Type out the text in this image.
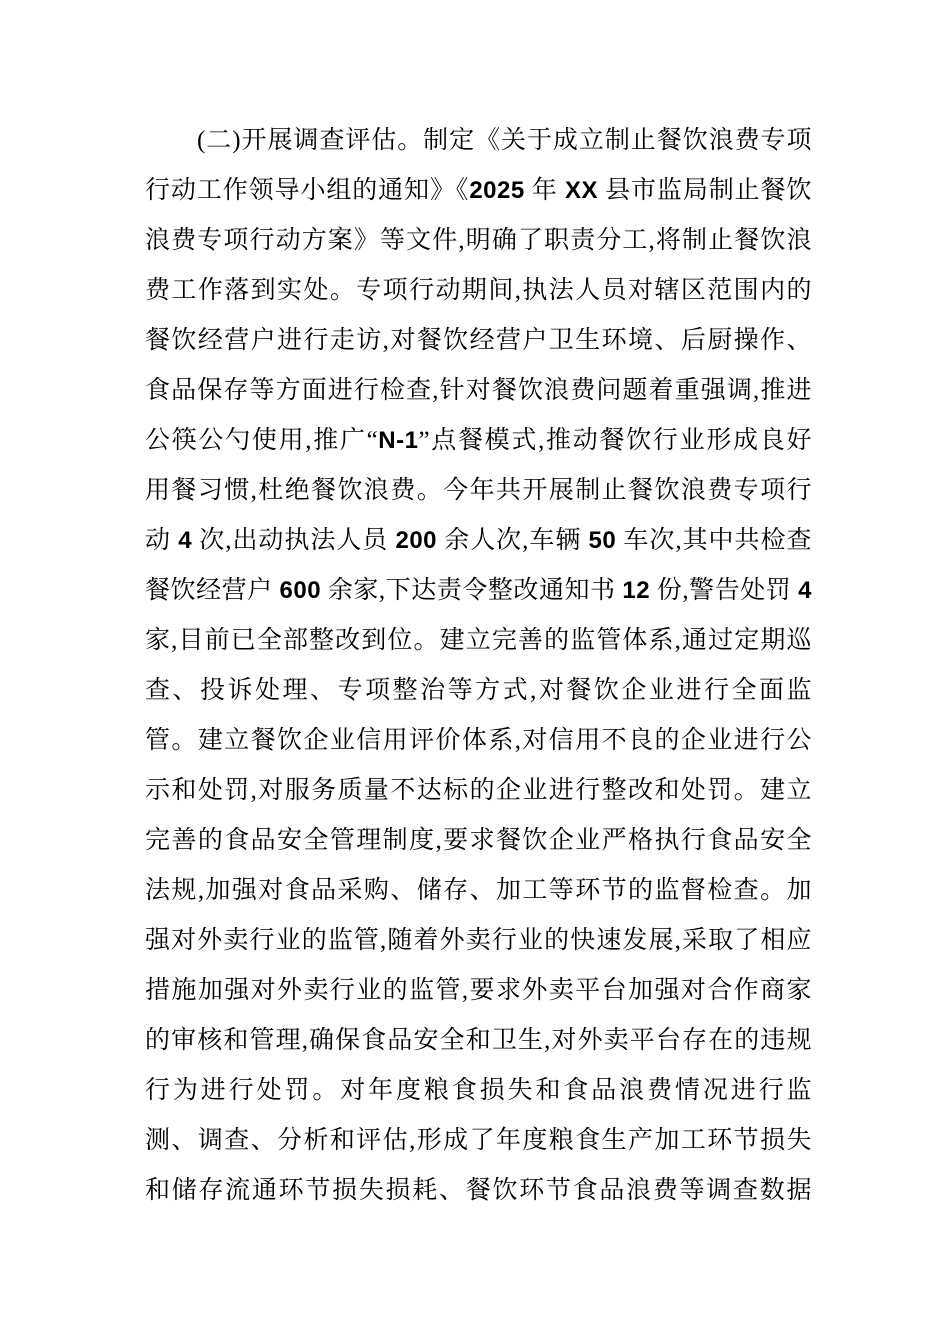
(二)开展调查评估。制定《关于成立制止餐饮浪费专项
行动工作领导小组的通知》《2025 年 XX 县市监局制止餐饮
浪费专项行动方案》等文件,明确了职责分工,将制止餐饮浪
费工作落到实处。专项行动期间,执法人员对辖区范围内的
餐饮经营户进行走访,对餐饮经营户卫生环境、后厨操作、
食品保存等方面进行检查,针对餐饮浪费问题着重强调,推进
公筷公勺使用,推广“N-1”点餐模式,推动餐饮行业形成良好
用餐习惯,杜绝餐饮浪费。今年共开展制止餐饮浪费专项行
动 4 次,出动执法人员 200 余人次,车辆 50 车次,其中共检查
餐饮经营户 600 余家,下达责令整改通知书 12 份,警告处罚 4
家,目前已全部整改到位。建立完善的监管体系,通过定期巡
查、投诉处理、专项整治等方式,对餐饮企业进行全面监
管。建立餐饮企业信用评价体系,对信用不良的企业进行公
示和处罚,对服务质量不达标的企业进行整改和处罚。建立
完善的食品安全管理制度,要求餐饮企业严格执行食品安全
法规,加强对食品采购、储存、加工等环节的监督检查。加
强对外卖行业的监管,随着外卖行业的快速发展,采取了相应
措施加强对外卖行业的监管,要求外卖平台加强对合作商家
的审核和管理,确保食品安全和卫生,对外卖平台存在的违规
行为进行处罚。对年度粮食损失和食品浪费情况进行监
测、调查、分析和评估,形成了年度粮食生产加工环节损失
和储存流通环节损失损耗、餐饮环节食品浪费等调查数据
